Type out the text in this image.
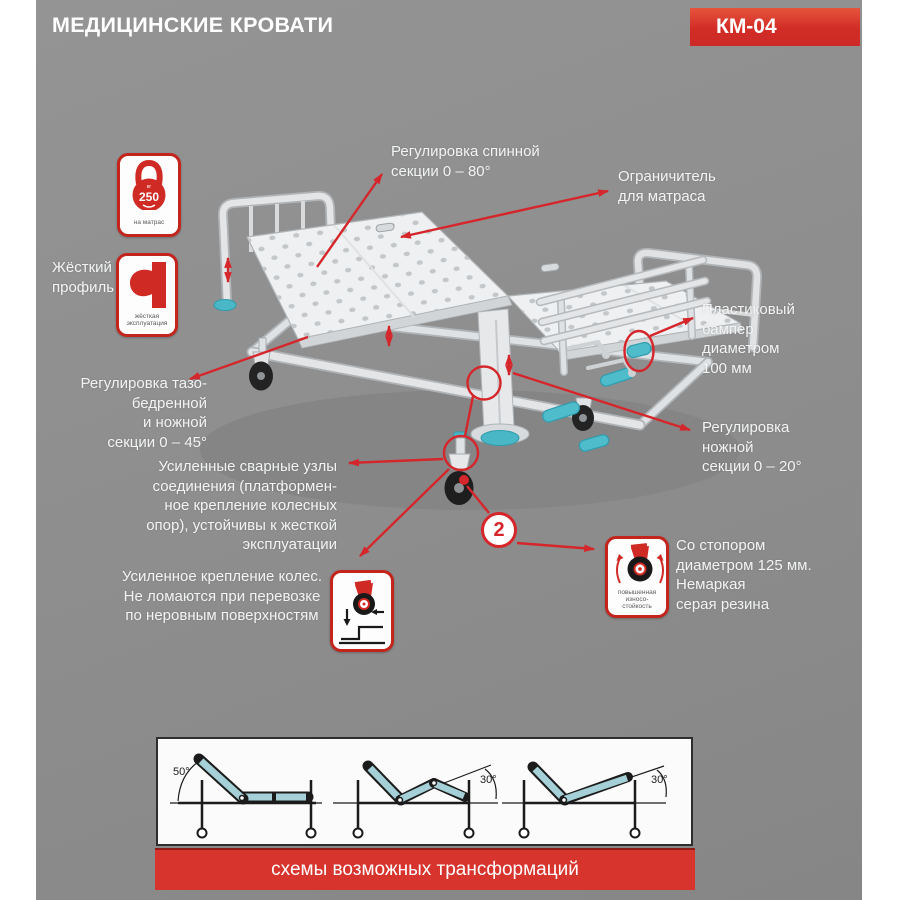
МЕДИЦИНСКИЕ КРОВАТИ	КМ-04
Регулировка спинной
секции 0 – 80°	Ограничитель
для матраса
Жёсткий
профиль
Регулировка тазо-
бедренной
и ножной
секции 0 – 45°
Усиленные сварные узлы
соединения (платформен-
ное крепление колесных
опор), устойчивы к жесткой
эксплуатации
Усиленное крепление колес.
Не ломаются при перевозке
по неровным поверхностям
Пластиковый
бампер
диаметром
100 мм
Регулировка
ножной
секции 0 – 20°
Со стопором
диаметром 125 мм.
Немаркая
серая резина
кг
250
на матрас
жёсткая
эксплуатация
повышенная
износо-
стойкость
2
50°
30°	30°
схемы возможных трансформаций
